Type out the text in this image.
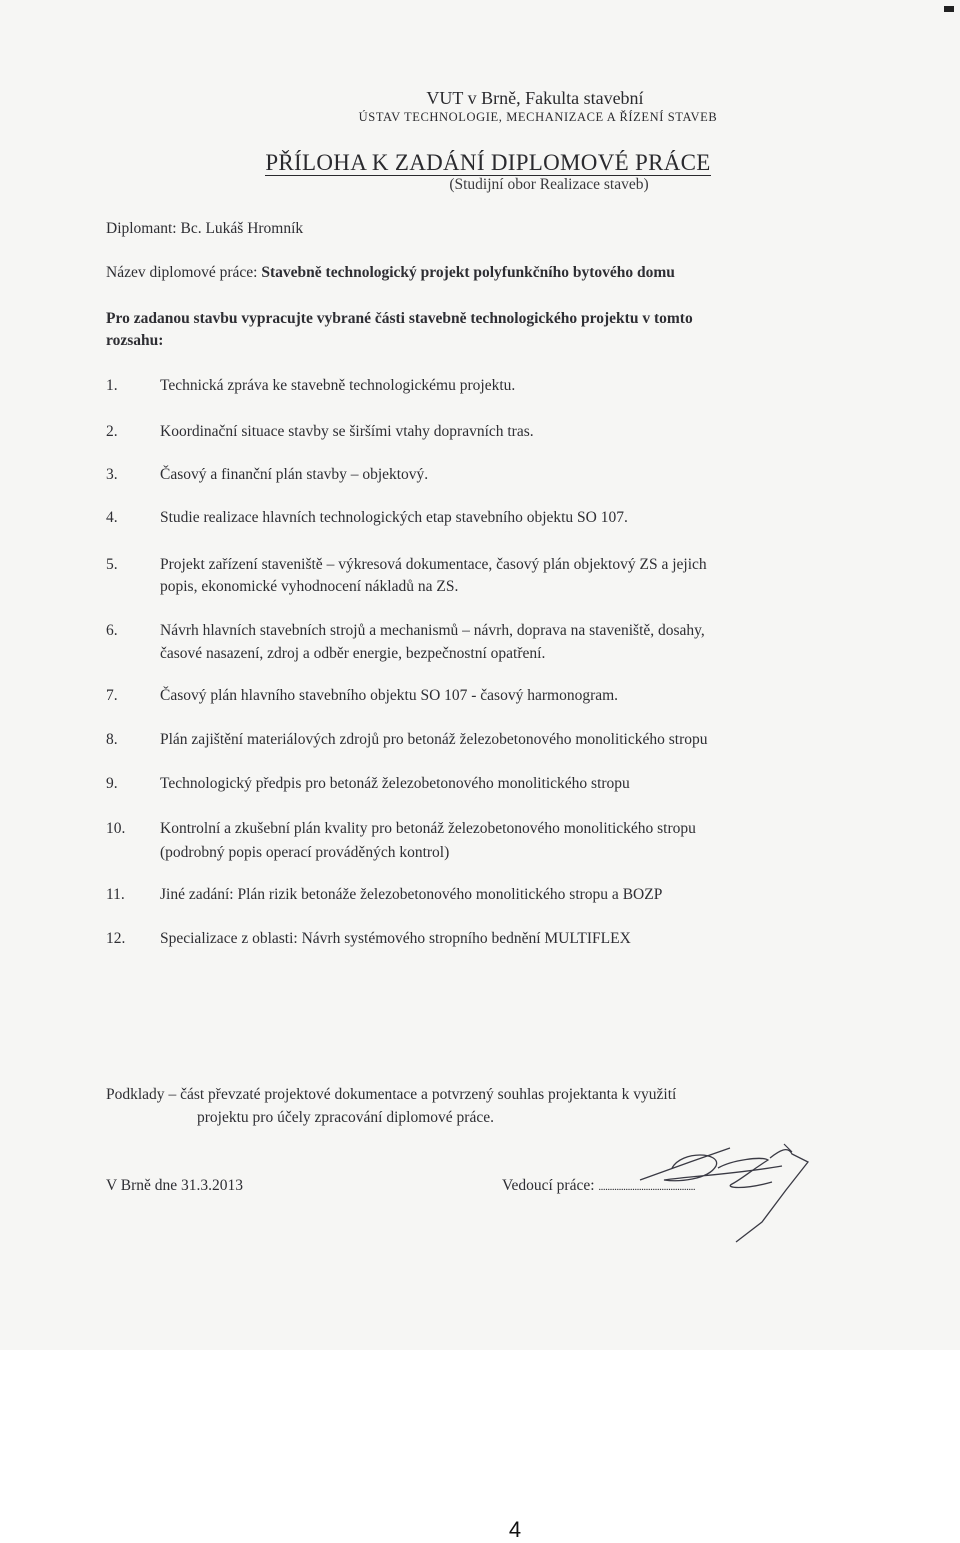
VUT v Brně, Fakulta stavební
ÚSTAV TECHNOLOGIE, MECHANIZACE A ŘÍZENÍ STAVEB
PŘÍLOHA K ZADÁNÍ DIPLOMOVÉ PRÁCE
(Studijní obor Realizace staveb)
Diplomant: Bc. Lukáš Hromník
Název diplomové práce: Stavebně technologický projekt polyfunkčního bytového domu
Pro zadanou stavbu vypracujte vybrané části stavebně technologického projektu v tomto
rozsahu:
1.	Technická zpráva ke stavebně technologickému projektu.
2.	Koordinační situace stavby se širšími vtahy dopravních tras.
3.	Časový a finanční plán stavby – objektový.
4.	Studie realizace hlavních technologických etap stavebního objektu SO 107.
5.	Projekt zařízení staveniště – výkresová dokumentace, časový plán objektový ZS a jejich
popis, ekonomické vyhodnocení nákladů na ZS.
6.	Návrh hlavních stavebních strojů a mechanismů – návrh, doprava na staveniště, dosahy,
časové nasazení, zdroj a odběr energie, bezpečnostní opatření.
7.	Časový plán hlavního stavebního objektu SO 107 - časový harmonogram.
8.	Plán zajištění materiálových zdrojů pro betonáž železobetonového monolitického stropu
9.	Technologický předpis pro betonáž železobetonového monolitického stropu
10. Kontrolní a zkušební plán kvality pro betonáž železobetonového monolitického stropu
(podrobný popis operací prováděných kontrol)
11. Jiné zadání: Plán rizik betonáže železobetonového monolitického stropu a BOZP
12. Specializace z oblasti: Návrh systémového stropního bednění MULTIFLEX
Podklady – část převzaté projektové dokumentace a potvrzený souhlas projektanta k využití
projektu pro účely zpracování diplomové práce.
V Brně dne 31.3.2013	Vedoucí práce: ...........................................
4
